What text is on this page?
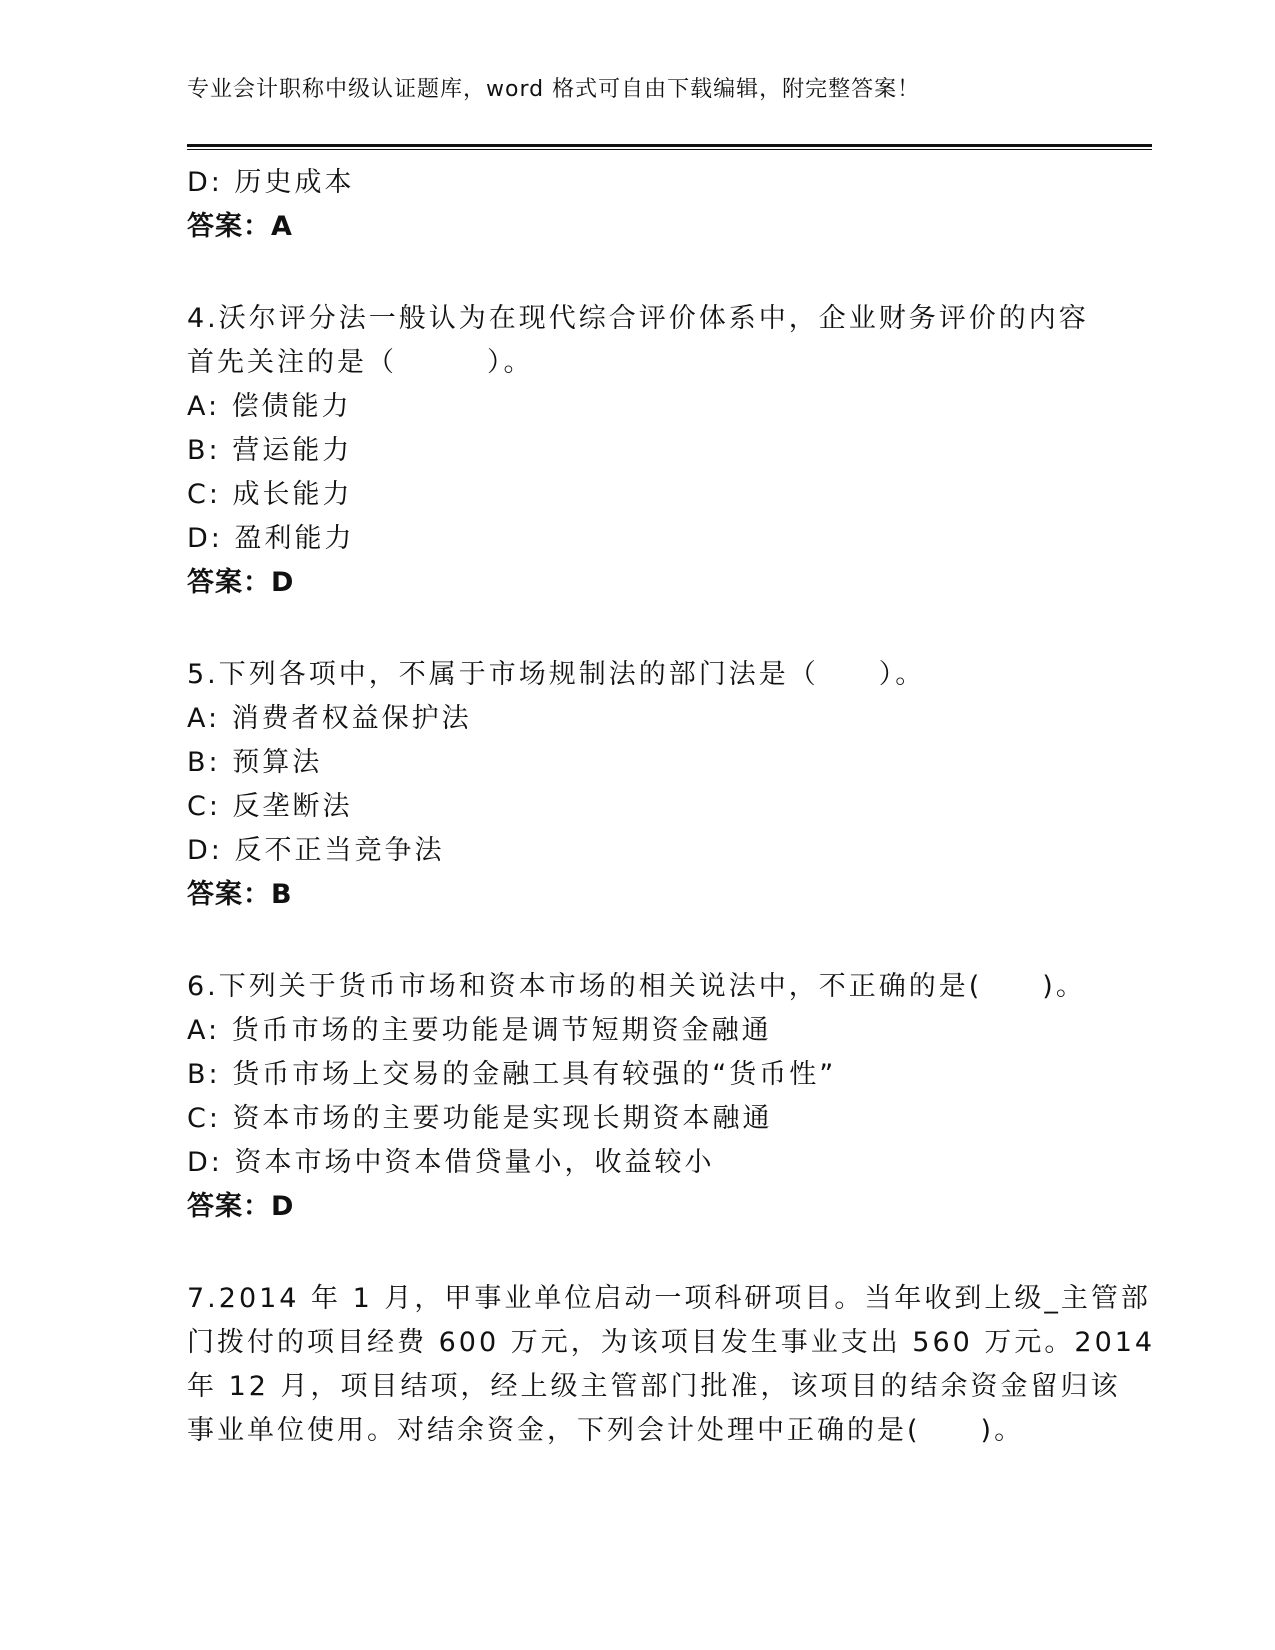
专业会计职称中级认证题库，word 格式可自由下载编辑，附完整答案！
D: 历史成本
答案：A
4.沃尔评分法一般认为在现代综合评价体系中，企业财务评价的内容
首先关注的是（　　　）。
A: 偿债能力
B: 营运能力
C: 成长能力
D: 盈利能力
答案：D
5.下列各项中，不属于市场规制法的部门法是（　　）。
A: 消费者权益保护法
B: 预算法
C: 反垄断法
D: 反不正当竞争法
答案：B
6.下列关于货币市场和资本市场的相关说法中，不正确的是(　　)。
A: 货币市场的主要功能是调节短期资金融通
B: 货币市场上交易的金融工具有较强的“货币性”
C: 资本市场的主要功能是实现长期资本融通
D: 资本市场中资本借贷量小，收益较小
答案：D
7.2014 年 1 月，甲事业单位启动一项科研项目。当年收到上级_主管部
门拨付的项目经费 600 万元，为该项目发生事业支出 560 万元。2014
年 12 月，项目结项，经上级主管部门批准，该项目的结余资金留归该
事业单位使用。对结余资金，下列会计处理中正确的是(　　)。
